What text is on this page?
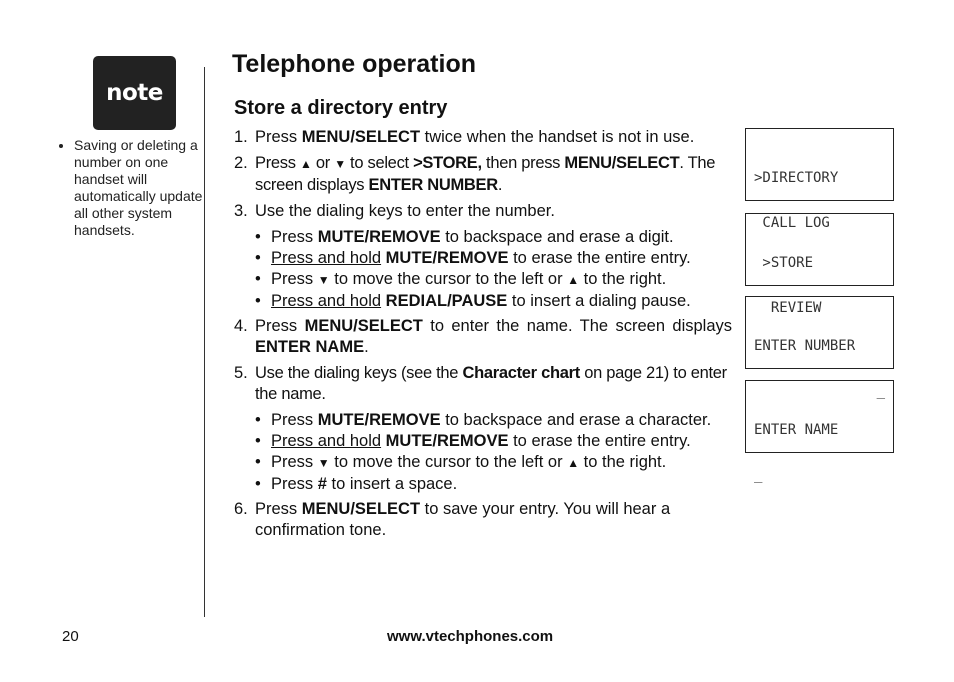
note
• Saving or deleting a number on one handset will automatically update all other system handsets.
Telephone operation
Store a directory entry
1. Press MENU/SELECT twice when the handset is not in use.
2. Press ▲ or ▼ to select >STORE, then press MENU/SELECT. The screen displays ENTER NUMBER.
3. Use the dialing keys to enter the number.
• Press MUTE/REMOVE to backspace and erase a digit.
• Press and hold MUTE/REMOVE to erase the entire entry.
• Press ▼ to move the cursor to the left or ▲ to the right.
• Press and hold REDIAL/PAUSE to insert a dialing pause.
4. Press MENU/SELECT to enter the name. The screen displays ENTER NAME.
5. Use the dialing keys (see the Character chart on page 21) to enter the name.
• Press MUTE/REMOVE to backspace and erase a character.
• Press and hold MUTE/REMOVE to erase the entire entry.
• Press ▼ to move the cursor to the left or ▲ to the right.
• Press # to insert a space.
6. Press MENU/SELECT to save your entry. You will hear a confirmation tone.

>DIRECTORY

CALL LOG

>STORE

REVIEW

ENTER NUMBER

_

ENTER NAME

_

20	www.vtechphones.com
